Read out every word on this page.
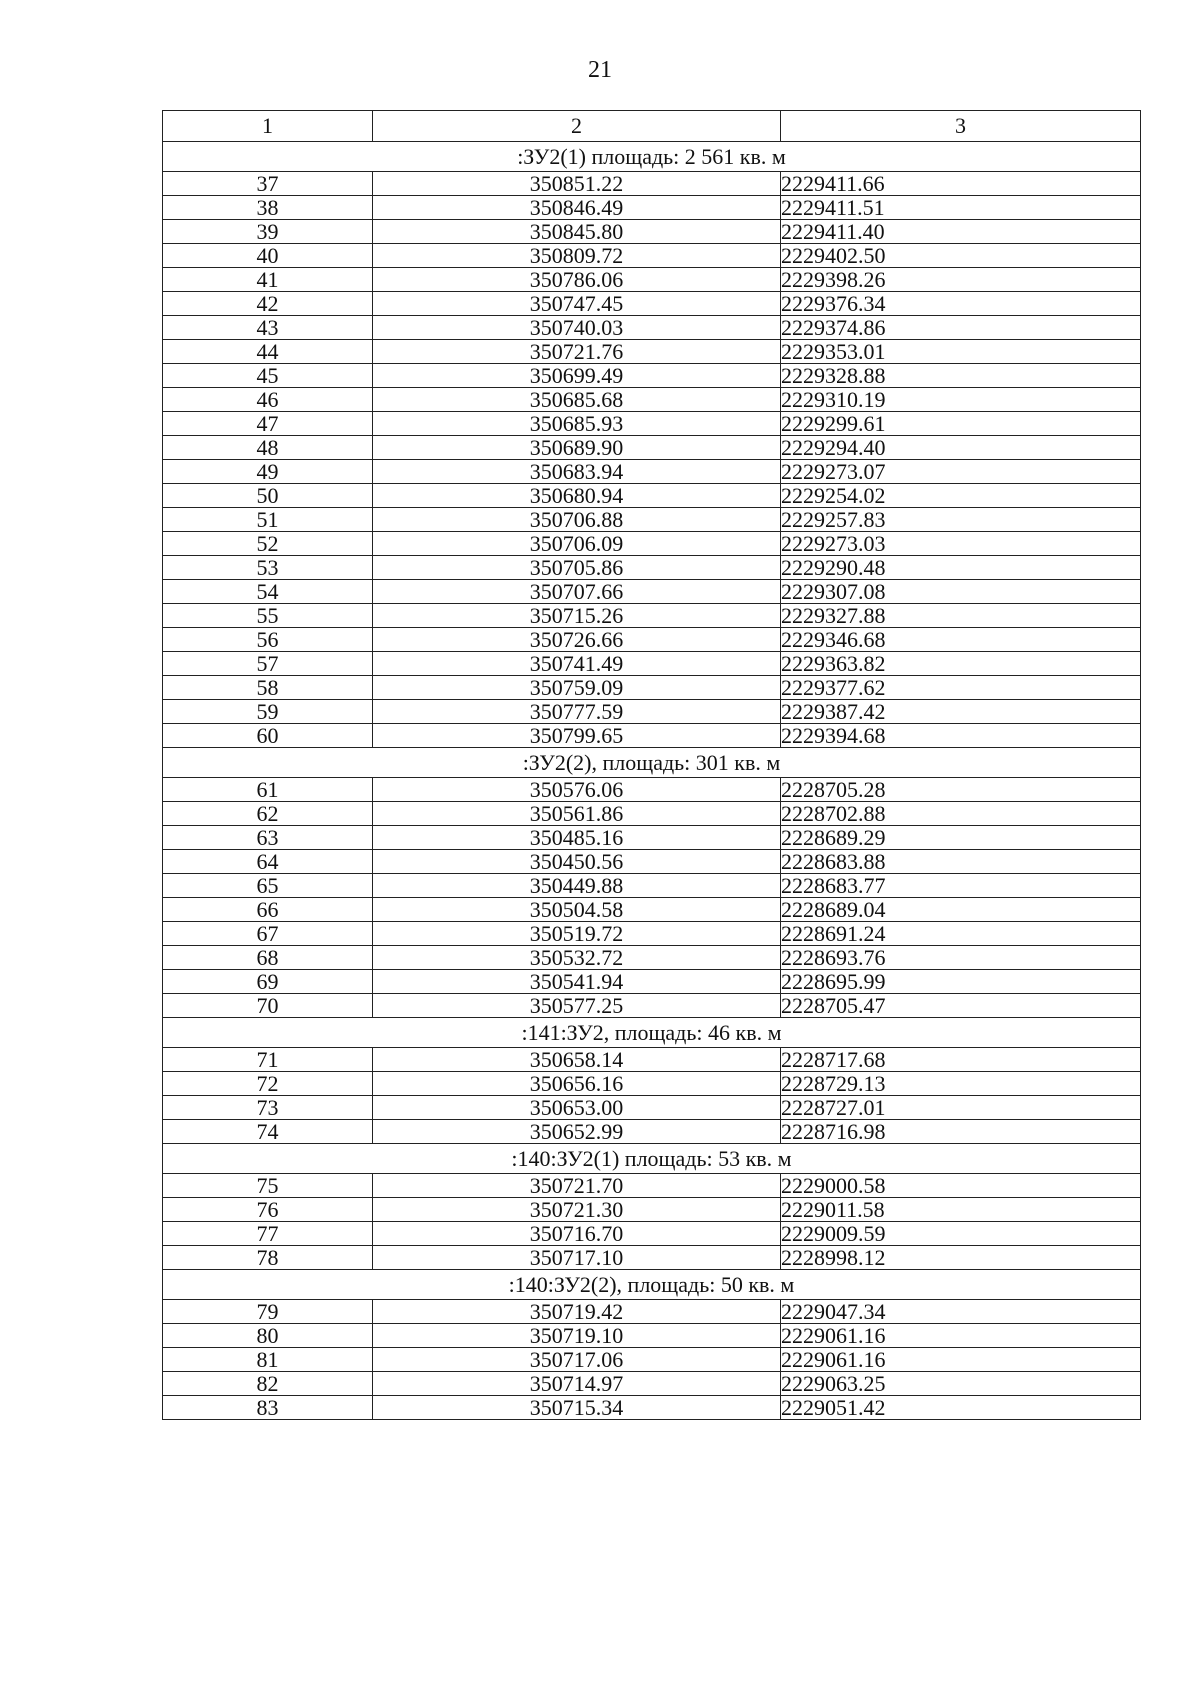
21
1	2	3
:ЗУ2(1) площадь: 2 561 кв. м		
37	350851.22	2229411.66
38	350846.49	2229411.51
39	350845.80	2229411.40
40	350809.72	2229402.50
41	350786.06	2229398.26
42	350747.45	2229376.34
43	350740.03	2229374.86
44	350721.76	2229353.01
45	350699.49	2229328.88
46	350685.68	2229310.19
47	350685.93	2229299.61
48	350689.90	2229294.40
49	350683.94	2229273.07
50	350680.94	2229254.02
51	350706.88	2229257.83
52	350706.09	2229273.03
53	350705.86	2229290.48
54	350707.66	2229307.08
55	350715.26	2229327.88
56	350726.66	2229346.68
57	350741.49	2229363.82
58	350759.09	2229377.62
59	350777.59	2229387.42
60	350799.65	2229394.68
:ЗУ2(2), площадь: 301 кв. м		
61	350576.06	2228705.28
62	350561.86	2228702.88
63	350485.16	2228689.29
64	350450.56	2228683.88
65	350449.88	2228683.77
66	350504.58	2228689.04
67	350519.72	2228691.24
68	350532.72	2228693.76
69	350541.94	2228695.99
70	350577.25	2228705.47
:141:ЗУ2, площадь: 46 кв. м		
71	350658.14	2228717.68
72	350656.16	2228729.13
73	350653.00	2228727.01
74	350652.99	2228716.98
:140:ЗУ2(1) площадь: 53 кв. м		
75	350721.70	2229000.58
76	350721.30	2229011.58
77	350716.70	2229009.59
78	350717.10	2228998.12
:140:ЗУ2(2), площадь: 50 кв. м		
79	350719.42	2229047.34
80	350719.10	2229061.16
81	350717.06	2229061.16
82	350714.97	2229063.25
83	350715.34	2229051.42
